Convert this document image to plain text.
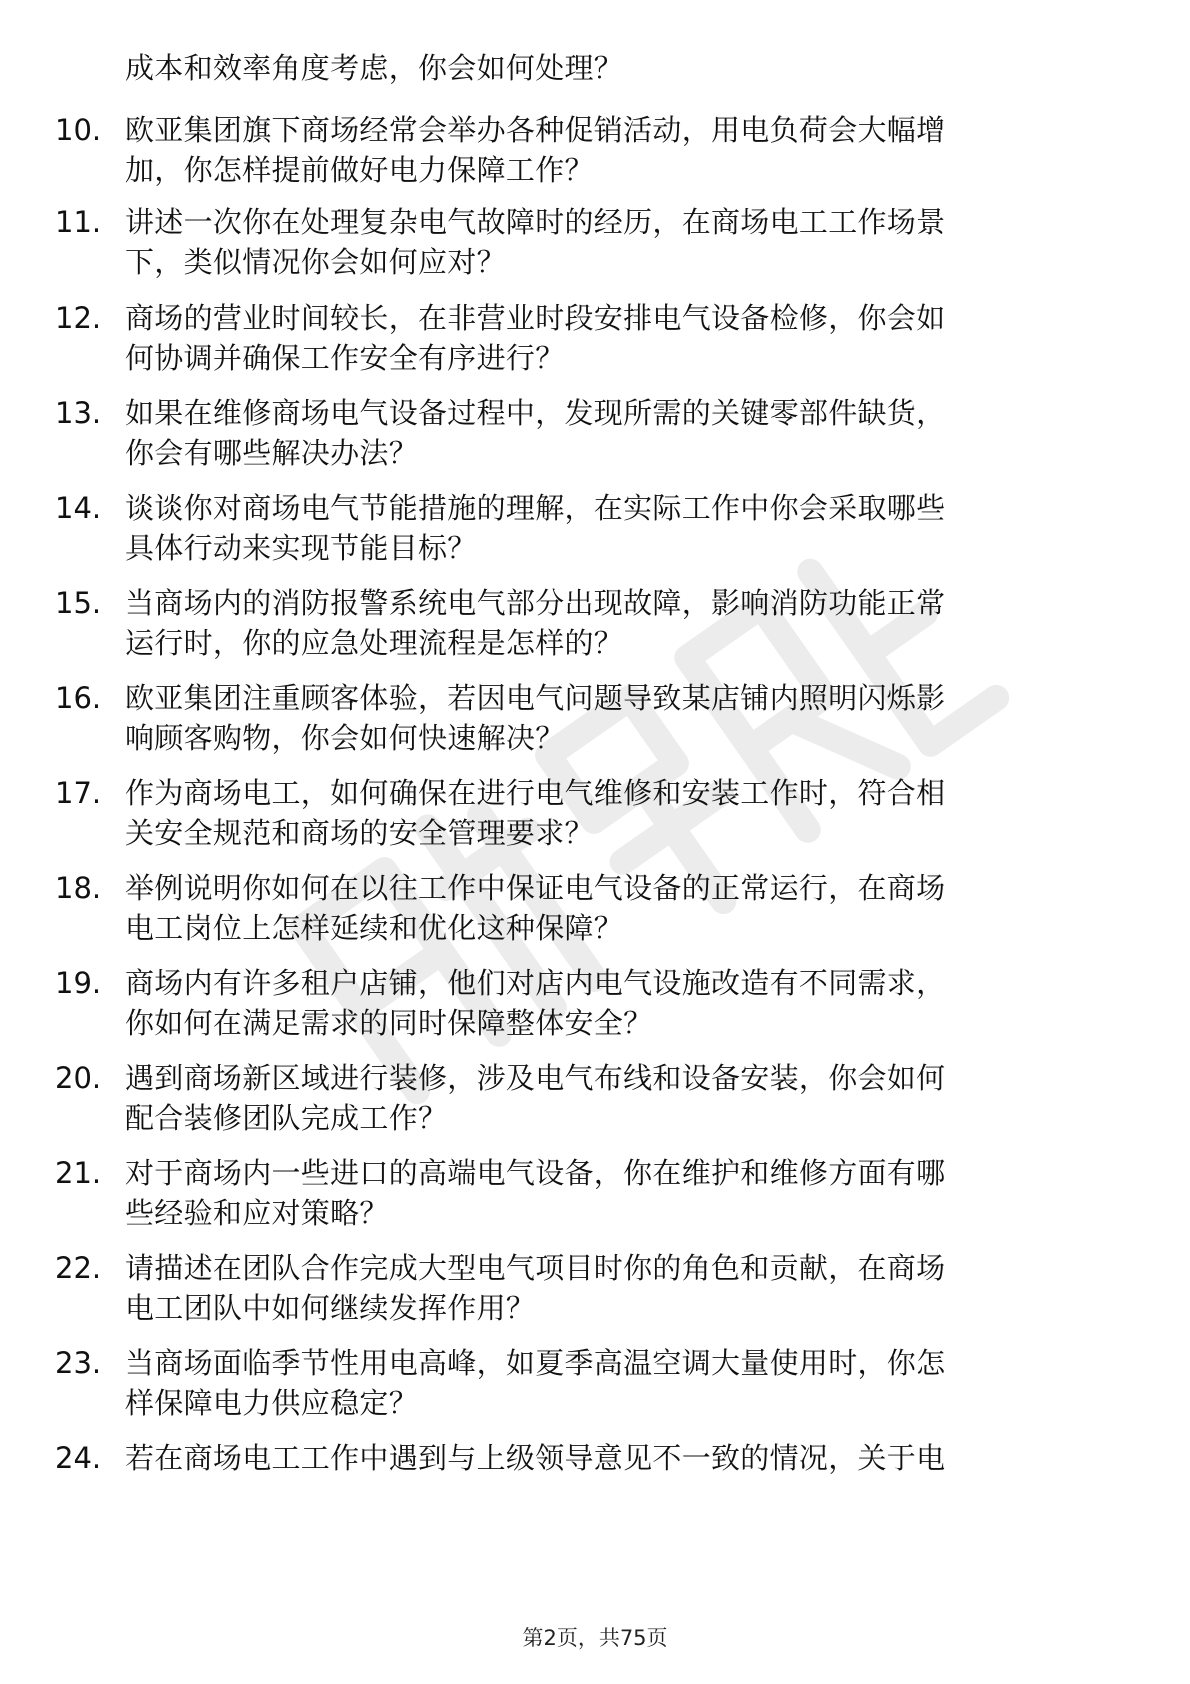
成本和效率角度考虑，你会如何处理？
10. 欧亚集团旗下商场经常会举办各种促销活动，用电负荷会大幅增
加，你怎样提前做好电力保障工作？
11. 讲述一次你在处理复杂电气故障时的经历，在商场电工工作场景
下，类似情况你会如何应对？
12. 商场的营业时间较长，在非营业时段安排电气设备检修，你会如
何协调并确保工作安全有序进行？
13. 如果在维修商场电气设备过程中，发现所需的关键零部件缺货，
你会有哪些解决办法？
14. 谈谈你对商场电气节能措施的理解，在实际工作中你会采取哪些
具体行动来实现节能目标？
15. 当商场内的消防报警系统电气部分出现故障，影响消防功能正常
运行时，你的应急处理流程是怎样的？
16. 欧亚集团注重顾客体验，若因电气问题导致某店铺内照明闪烁影
响顾客购物，你会如何快速解决？
17. 作为商场电工，如何确保在进行电气维修和安装工作时，符合相
关安全规范和商场的安全管理要求？
18. 举例说明你如何在以往工作中保证电气设备的正常运行，在商场
电工岗位上怎样延续和优化这种保障？
19. 商场内有许多租户店铺，他们对店内电气设施改造有不同需求，
你如何在满足需求的同时保障整体安全？
20. 遇到商场新区域进行装修，涉及电气布线和设备安装，你会如何
配合装修团队完成工作？
21. 对于商场内一些进口的高端电气设备，你在维护和维修方面有哪
些经验和应对策略？
22. 请描述在团队合作完成大型电气项目时你的角色和贡献，在商场
电工团队中如何继续发挥作用？
23. 当商场面临季节性用电高峰，如夏季高温空调大量使用时，你怎
样保障电力供应稳定？
24. 若在商场电工工作中遇到与上级领导意见不一致的情况，关于电
第2页，共75页
